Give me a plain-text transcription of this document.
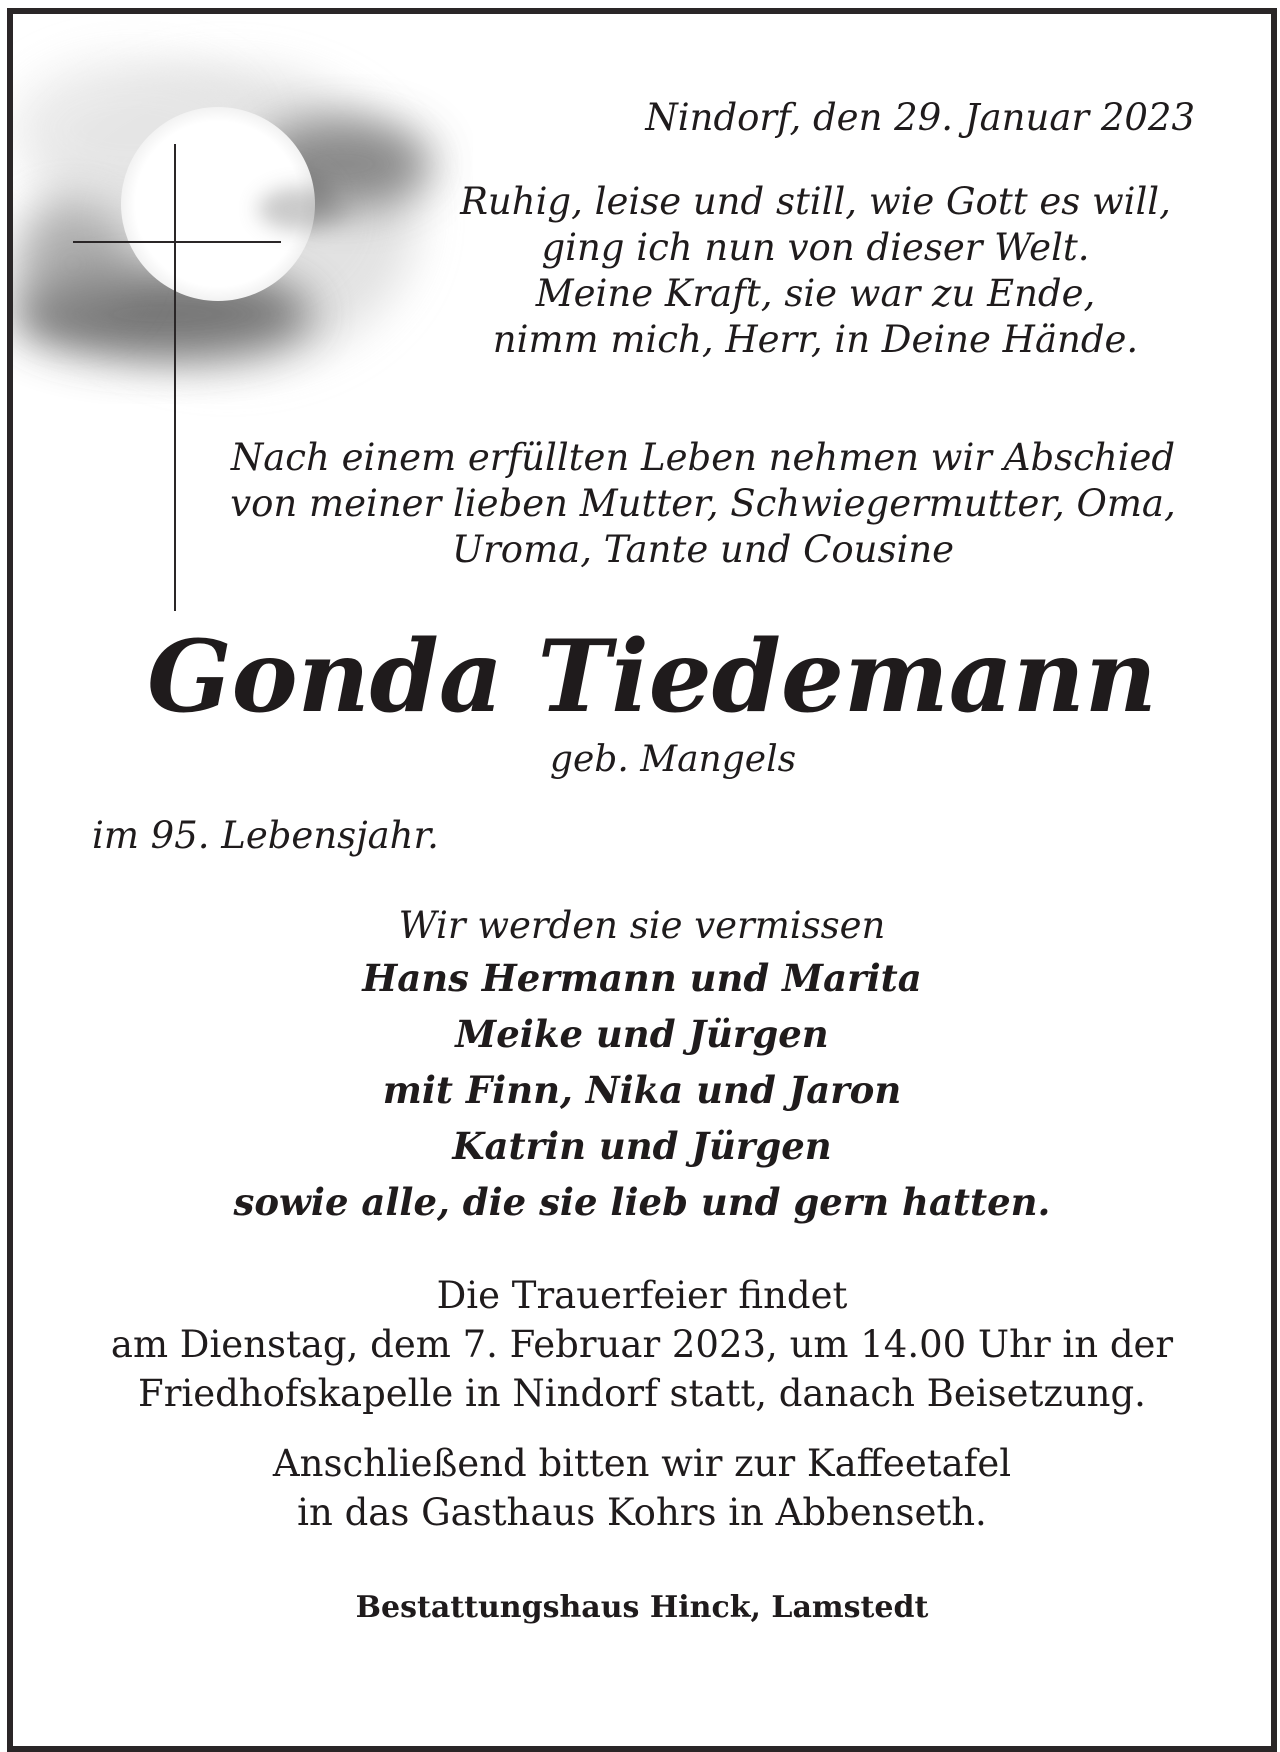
Nindorf, den 29. Januar 2023
Ruhig, leise und still, wie Gott es will,
ging ich nun von dieser Welt.
Meine Kraft, sie war zu Ende,
nimm mich, Herr, in Deine Hände.
Nach einem erfüllten Leben nehmen wir Abschied
von meiner lieben Mutter, Schwiegermutter, Oma,
Uroma, Tante und Cousine
Gonda Tiedemann
geb. Mangels
im 95. Lebensjahr.
Wir werden sie vermissen
Hans Hermann und Marita
Meike und Jürgen
mit Finn, Nika und Jaron
Katrin und Jürgen
sowie alle, die sie lieb und gern hatten.
Die Trauerfeier findet
am Dienstag, dem 7. Februar 2023, um 14.00 Uhr in der
Friedhofskapelle in Nindorf statt, danach Beisetzung.
Anschließend bitten wir zur Kaffeetafel
in das Gasthaus Kohrs in Abbenseth.
Bestattungshaus Hinck, Lamstedt
